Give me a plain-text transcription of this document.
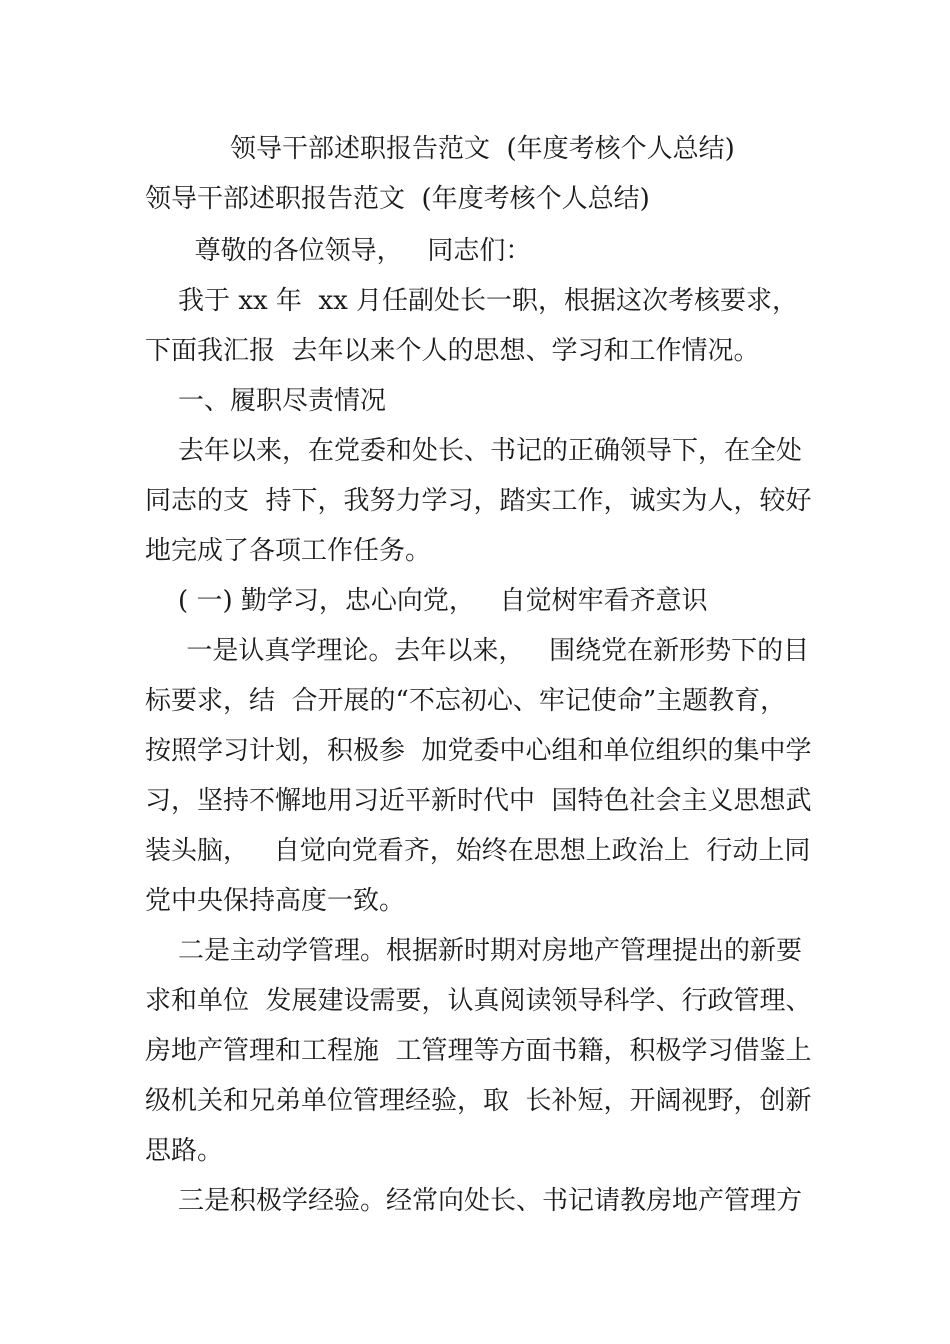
领导干部述职报告范文  (年度考核个人总结)
领导干部述职报告范文  (年度考核个人总结)
尊敬的各位领导，   同志们：
我于 xx 年  xx 月任副处长一职，根据这次考核要求，
下面我汇报  去年以来个人的思想、学习和工作情况。
一、履职尽责情况
去年以来，在党委和处长、书记的正确领导下，在全处
同志的支  持下，我努力学习，踏实工作，诚实为人，较好
地完成了各项工作任务。
( 一) 勤学习，忠心向党，   自觉树牢看齐意识
一是认真学理论。去年以来，   围绕党在新形势下的目
标要求，结  合开展的“不忘初心、牢记使命”主题教育，
按照学习计划，积极参  加党委中心组和单位组织的集中学
习，坚持不懈地用习近平新时代中  国特色社会主义思想武
装头脑，   自觉向党看齐，始终在思想上政治上  行动上同
党中央保持高度一致。
二是主动学管理。根据新时期对房地产管理提出的新要
求和单位  发展建设需要，认真阅读领导科学、行政管理、
房地产管理和工程施  工管理等方面书籍，积极学习借鉴上
级机关和兄弟单位管理经验，取  长补短，开阔视野，创新
思路。
三是积极学经验。经常向处长、书记请教房地产管理方
